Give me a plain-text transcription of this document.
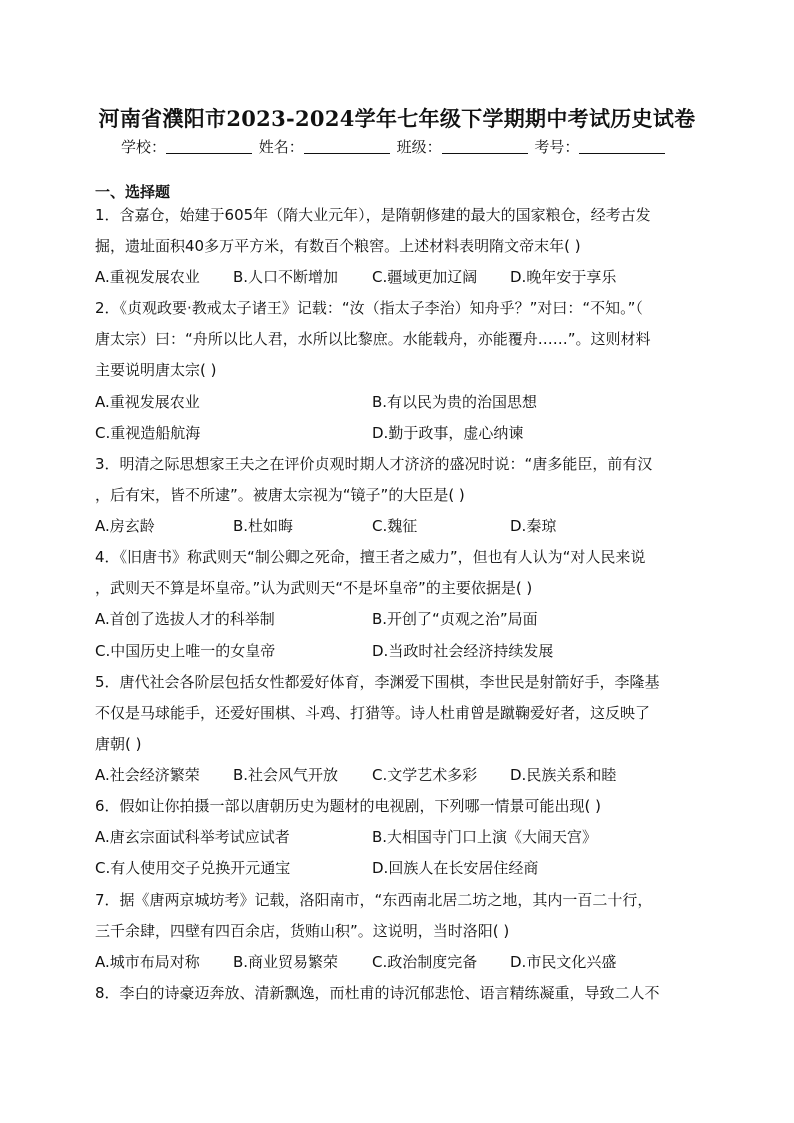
河南省濮阳市2023-2024学年七年级下学期期中考试历史试卷
学校：	姓名：	班级：	考号：
一、选择题
1．含嘉仓，始建于605年（隋大业元年），是隋朝修建的最大的国家粮仓，经考古发
掘，遗址面积40多万平方米，有数百个粮窖。上述材料表明隋文帝末年( )
A.重视发展农业 B.人口不断增加 C.疆域更加辽阔 D.晚年安于享乐
2．《贞观政要·教戒太子诸王》记载：“汝（指太子李治）知舟乎？”对曰：“不知。”（
唐太宗）曰：“舟所以比人君，水所以比黎庶。水能载舟，亦能覆舟……”。这则材料
主要说明唐太宗( )
A.重视发展农业	B.有以民为贵的治国思想
C.重视造船航海	D.勤于政事，虚心纳谏
3．明清之际思想家王夫之在评价贞观时期人才济济的盛况时说：“唐多能臣，前有汉
，后有宋，皆不所逮”。被唐太宗视为“镜子”的大臣是( )
A.房玄龄	B.杜如晦	C.魏征	D.秦琼
4．《旧唐书》称武则天“制公卿之死命，擅王者之威力”，但也有人认为“对人民来说
，武则天不算是坏皇帝。”认为武则天“不是坏皇帝”的主要依据是( )
A.首创了选拔人才的科举制	B.开创了“贞观之治”局面
C.中国历史上唯一的女皇帝	D.当政时社会经济持续发展
5．唐代社会各阶层包括女性都爱好体育，李渊爱下围棋，李世民是射箭好手，李隆基
不仅是马球能手，还爱好围棋、斗鸡、打猎等。诗人杜甫曾是蹴鞠爱好者，这反映了
唐朝( )
A.社会经济繁荣 B.社会风气开放 C.文学艺术多彩 D.民族关系和睦
6．假如让你拍摄一部以唐朝历史为题材的电视剧，下列哪一情景可能出现( )
A.唐玄宗面试科举考试应试者	B.大相国寺门口上演《大闹天宫》
C.有人使用交子兑换开元通宝	D.回族人在长安居住经商
7．据《唐两京城坊考》记载，洛阳南市，“东西南北居二坊之地，其内一百二十行，
三千余肆，四壁有四百余店，货贿山积”。这说明，当时洛阳( )
A.城市布局对称 B.商业贸易繁荣 C.政治制度完备 D.市民文化兴盛
8．李白的诗豪迈奔放、清新飘逸，而杜甫的诗沉郁悲怆、语言精练凝重，导致二人不
